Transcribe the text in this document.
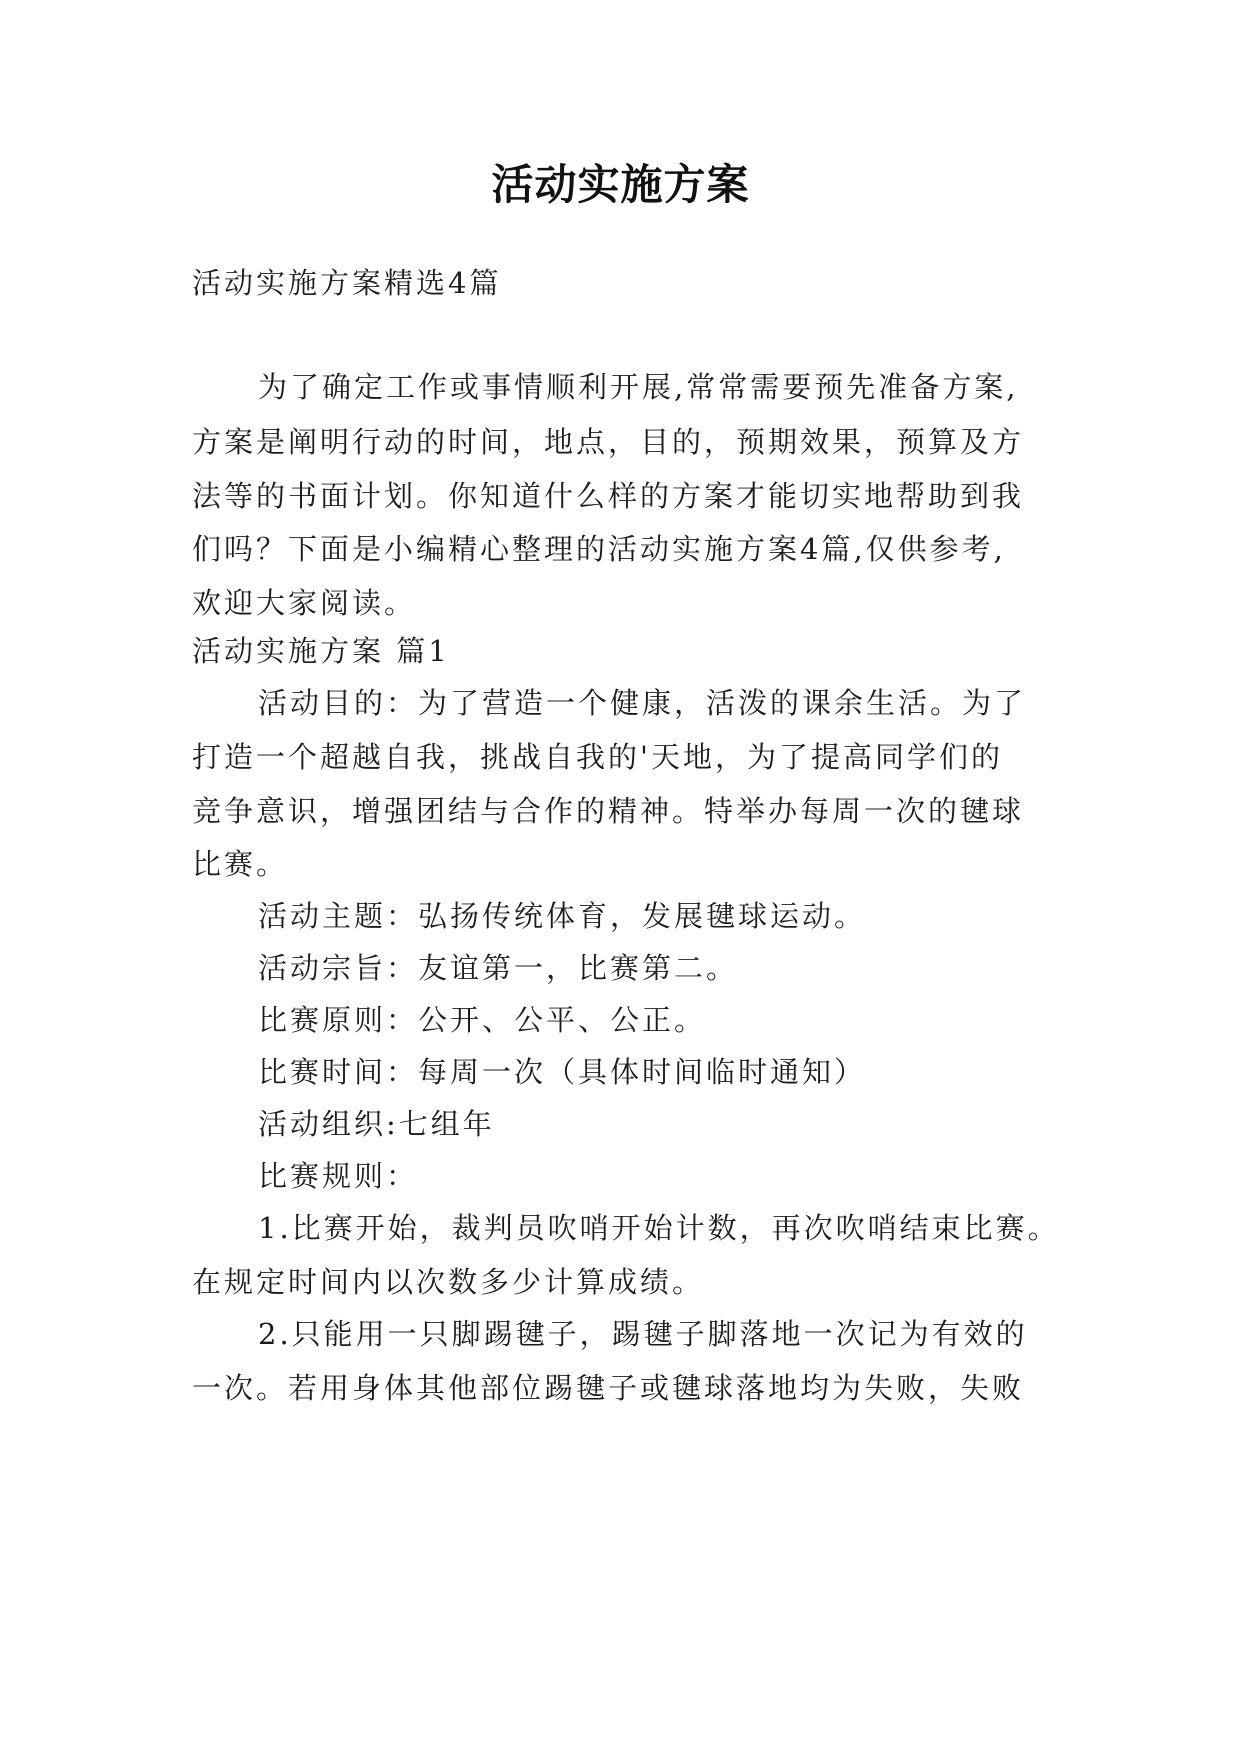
活动实施方案
活动实施方案精选4篇
为了确定工作或事情顺利开展,常常需要预先准备方案,
方案是阐明行动的时间，地点，目的，预期效果，预算及方
法等的书面计划。你知道什么样的方案才能切实地帮助到我
们吗？下面是小编精心整理的活动实施方案4篇,仅供参考,
欢迎大家阅读。
活动实施方案 篇1
活动目的：为了营造一个健康，活泼的课余生活。为了
打造一个超越自我，挑战自我的'天地，为了提高同学们的
竞争意识，增强团结与合作的精神。特举办每周一次的毽球
比赛。
活动主题：弘扬传统体育，发展毽球运动。
活动宗旨：友谊第一，比赛第二。
比赛原则：公开、公平、公正。
比赛时间：每周一次（具体时间临时通知）
活动组织:七组年
比赛规则：
1.比赛开始，裁判员吹哨开始计数，再次吹哨结束比赛。
在规定时间内以次数多少计算成绩。
2.只能用一只脚踢毽子，踢毽子脚落地一次记为有效的
一次。若用身体其他部位踢毽子或毽球落地均为失败，失败
